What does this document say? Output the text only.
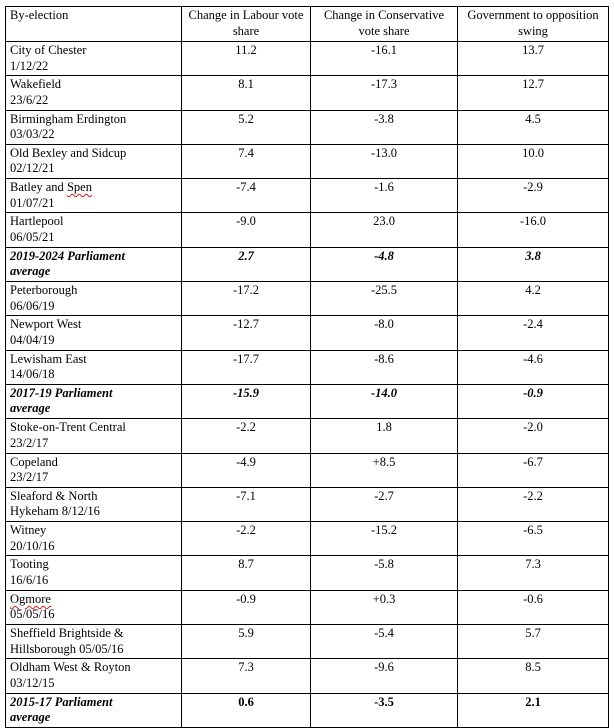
By-election	Change in Labour vote share	Change in Conservative vote share	Government to opposition swing

City of Chester
1/12/22	11.2	-16.1	13.7

Wakefield
23/6/22	8.1	-17.3	12.7

Birmingham Erdington
03/03/22	5.2	-3.8	4.5

Old Bexley and Sidcup
02/12/21	7.4	-13.0	10.0

Batley and Spen
01/07/21	-7.4	-1.6	-2.9

Hartlepool
06/05/21	-9.0	23.0	-16.0

2019-2024 Parliament
average	2.7	-4.8	3.8

Peterborough
06/06/19	-17.2	-25.5	4.2

Newport West
04/04/19	-12.7	-8.0	-2.4

Lewisham East
14/06/18	-17.7	-8.6	-4.6

2017-19 Parliament
average	-15.9	-14.0	-0.9

Stoke-on-Trent Central
23/2/17	-2.2	1.8	-2.0

Copeland
23/2/17	-4.9	+8.5	-6.7

Sleaford & North
Hykeham 8/12/16	-7.1	-2.7	-2.2

Witney
20/10/16	-2.2	-15.2	-6.5

Tooting
16/6/16	8.7	-5.8	7.3

Ogmore
05/05/16	-0.9	+0.3	-0.6

Sheffield Brightside &
Hillsborough 05/05/16	5.9	-5.4	5.7

Oldham West & Royton
03/12/15	7.3	-9.6	8.5

2015-17 Parliament
average	0.6	-3.5	2.1
